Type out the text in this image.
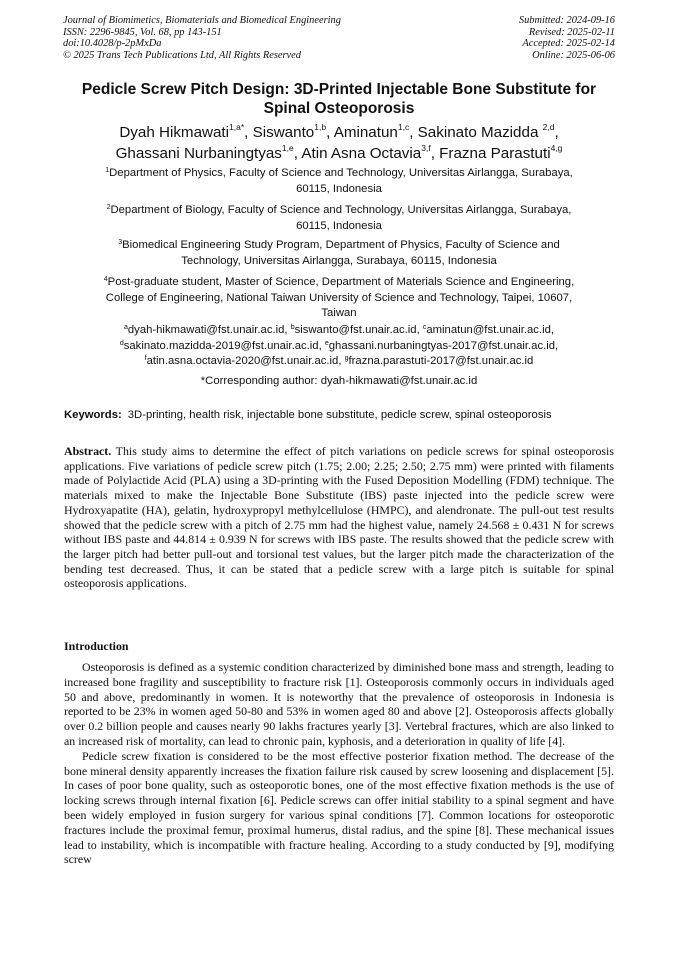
Journal of Biomimetics, Biomaterials and Biomedical Engineering
ISSN: 2296-9845, Vol. 68, pp 143-151
doi:10.4028/p-2pMxDa
© 2025 Trans Tech Publications Ltd, All Rights Reserved
Submitted: 2024-09-16
Revised: 2025-02-11
Accepted: 2025-02-14
Online: 2025-06-06
Pedicle Screw Pitch Design: 3D-Printed Injectable Bone Substitute for
Spinal Osteoporosis
Dyah Hikmawati$^{1,a*}$, Siswanto$^{1,b}$, Aminatun$^{1,c}$, Sakinato Mazidda $^{2,d}$,
Ghassani Nurbaningtyas$^{1,e}$, Atin Asna Octavia$^{3,f}$, Frazna Parastuti$^{4,g}$
$^1$Department of Physics, Faculty of Science and Technology, Universitas Airlangga, Surabaya,
60115, Indonesia
$^2$Department of Biology, Faculty of Science and Technology, Universitas Airlangga, Surabaya,
60115, Indonesia
$^3$Biomedical Engineering Study Program, Department of Physics, Faculty of Science and
Technology, Universitas Airlangga, Surabaya, 60115, Indonesia
$^4$Post-graduate student, Master of Science, Department of Materials Science and Engineering,
College of Engineering, National Taiwan University of Science and Technology, Taipei, 10607,
Taiwan
$^a$dyah-hikmawati@fst.unair.ac.id, $^b$siswanto@fst.unair.ac.id, $^c$aminatun@fst.unair.ac.id,
$^d$sakinato.mazidda-2019@fst.unair.ac.id, $^e$ghassani.nurbaningtyas-2017@fst.unair.ac.id,
$^f$atin.asna.octavia-2020@fst.unair.ac.id, $^g$frazna.parastuti-2017@fst.unair.ac.id
*Corresponding author: dyah-hikmawati@fst.unair.ac.id
Keywords: 3D-printing, health risk, injectable bone substitute, pedicle screw, spinal osteoporosis
Abstract. This study aims to determine the effect of pitch variations on pedicle screws for spinal osteoporosis applications. Five variations of pedicle screw pitch (1.75; 2.00; 2.25; 2.50; 2.75 mm) were printed with filaments made of Polylactide Acid (PLA) using a 3D-printing with the Fused Deposition Modelling (FDM) technique. The materials mixed to make the Injectable Bone Substitute (IBS) paste injected into the pedicle screw were Hydroxyapatite (HA), gelatin, hydroxypropyl methylcellulose (HMPC), and alendronate. The pull-out test results showed that the pedicle screw with a pitch of 2.75 mm had the highest value, namely 24.568 ± 0.431 N for screws without IBS paste and 44.814 ± 0.939 N for screws with IBS paste. The results showed that the pedicle screw with the larger pitch had better pull-out and torsional test values, but the larger pitch made the characterization of the bending test decreased. Thus, it can be stated that a pedicle screw with a large pitch is suitable for spinal osteoporosis applications.
Introduction

Osteoporosis is defined as a systemic condition characterized by diminished bone mass and strength, leading to increased bone fragility and susceptibility to fracture risk [1]. Osteoporosis commonly occurs in individuals aged 50 and above, predominantly in women. It is noteworthy that the prevalence of osteoporosis in Indonesia is reported to be 23% in women aged 50-80 and 53% in women aged 80 and above [2]. Osteoporosis affects globally over 0.2 billion people and causes nearly 90 lakhs fractures yearly [3]. Vertebral fractures, which are also linked to an increased risk of mortality, can lead to chronic pain, kyphosis, and a deterioration in quality of life [4].

Pedicle screw fixation is considered to be the most effective posterior fixation method. The decrease of the bone mineral density apparently increases the fixation failure risk caused by screw loosening and displacement [5]. In cases of poor bone quality, such as osteoporotic bones, one of the most effective fixation methods is the use of locking screws through internal fixation [6]. Pedicle screws can offer initial stability to a spinal segment and have been widely employed in fusion surgery for various spinal conditions [7]. Common locations for osteoporotic fractures include the proximal femur, proximal humerus, distal radius, and the spine [8]. These mechanical issues lead to instability, which is incompatible with fracture healing. According to a study conducted by [9], modifying screw
